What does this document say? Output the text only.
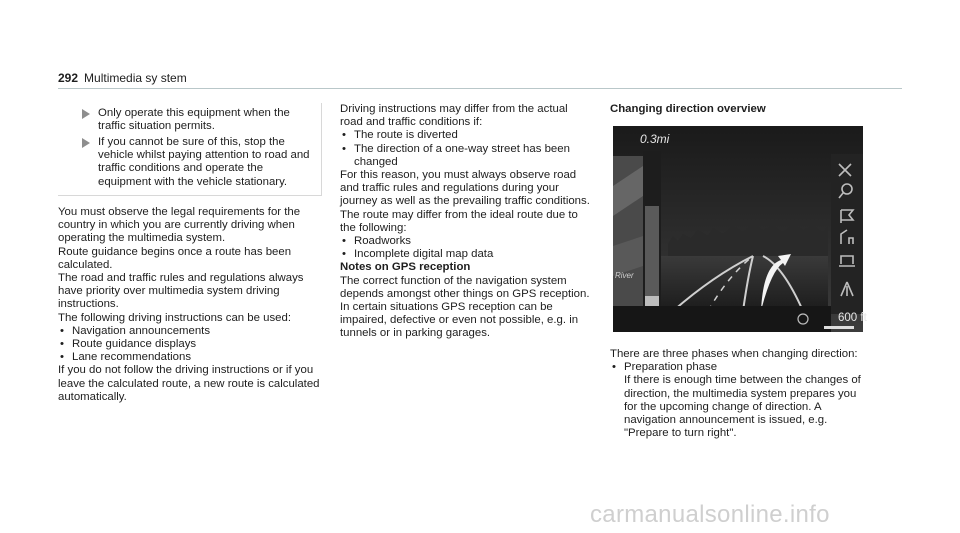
292 Multimedia sy stem
Only operate this equipment when the traffic situation permits.
If you cannot be sure of this, stop the vehicle whilst paying attention to road and traffic conditions and operate the equipment with the vehicle stationary.

You must observe the legal requirements for the country in which you are currently driving when operating the multimedia system.

Route guidance begins once a route has been calculated.

The road and traffic rules and regulations always have priority over multimedia system driving instructions.

The following driving instructions can be used:

• Navigation announcements
• Route guidance displays
• Lane recommendations

If you do not follow the driving instructions or if you leave the calculated route, a new route is calculated automatically.

Driving instructions may differ from the actual road and traffic conditions if:

• The route is diverted
• The direction of a one-way street has been changed

For this reason, you must always observe road and traffic rules and regulations during your journey as well as the prevailing traffic conditions.

The route may differ from the ideal route due to the following:

• Roadworks
• Incomplete digital map data

Notes on GPS reception

The correct function of the navigation system depends amongst other things on GPS reception. In certain situations GPS reception can be impaired, defective or even not possible, e.g. in tunnels or in parking garages.

Changing direction overview

River
0.3mi
600 ft

There are three phases when changing direction:

• Preparation phase

If there is enough time between the changes of direction, the multimedia system prepares you for the upcoming change of direction. A navigation announcement is issued, e.g. "Prepare to turn right".

carmanualsonline.info
